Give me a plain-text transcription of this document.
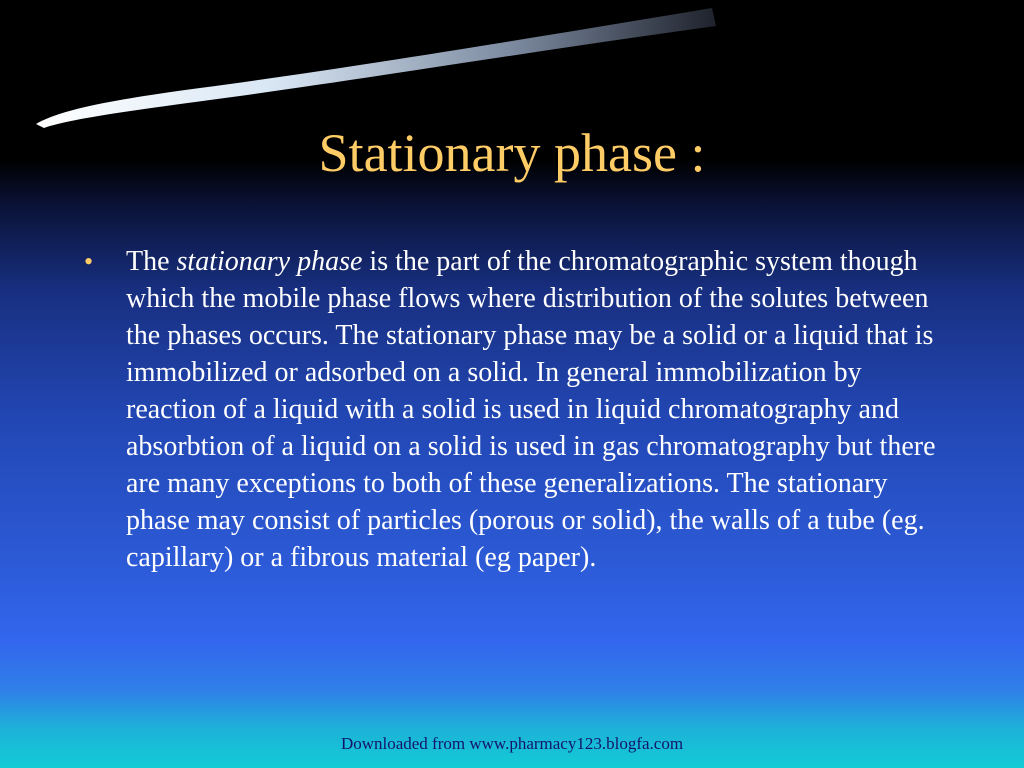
Stationary phase :
• The stationary phase is the part of the chromatographic system though which the mobile phase flows where distribution of the solutes between the phases occurs. The stationary phase may be a solid or a liquid that is immobilized or adsorbed on a solid. In general immobilization by reaction of a liquid with a solid is used in liquid chromatography and absorbtion of a liquid on a solid is used in gas chromatography but there are many exceptions to both of these generalizations. The stationary phase may consist of particles (porous or solid), the walls of a tube (eg. capillary) or a fibrous material (eg paper).
Downloaded from www.pharmacy123.blogfa.com
